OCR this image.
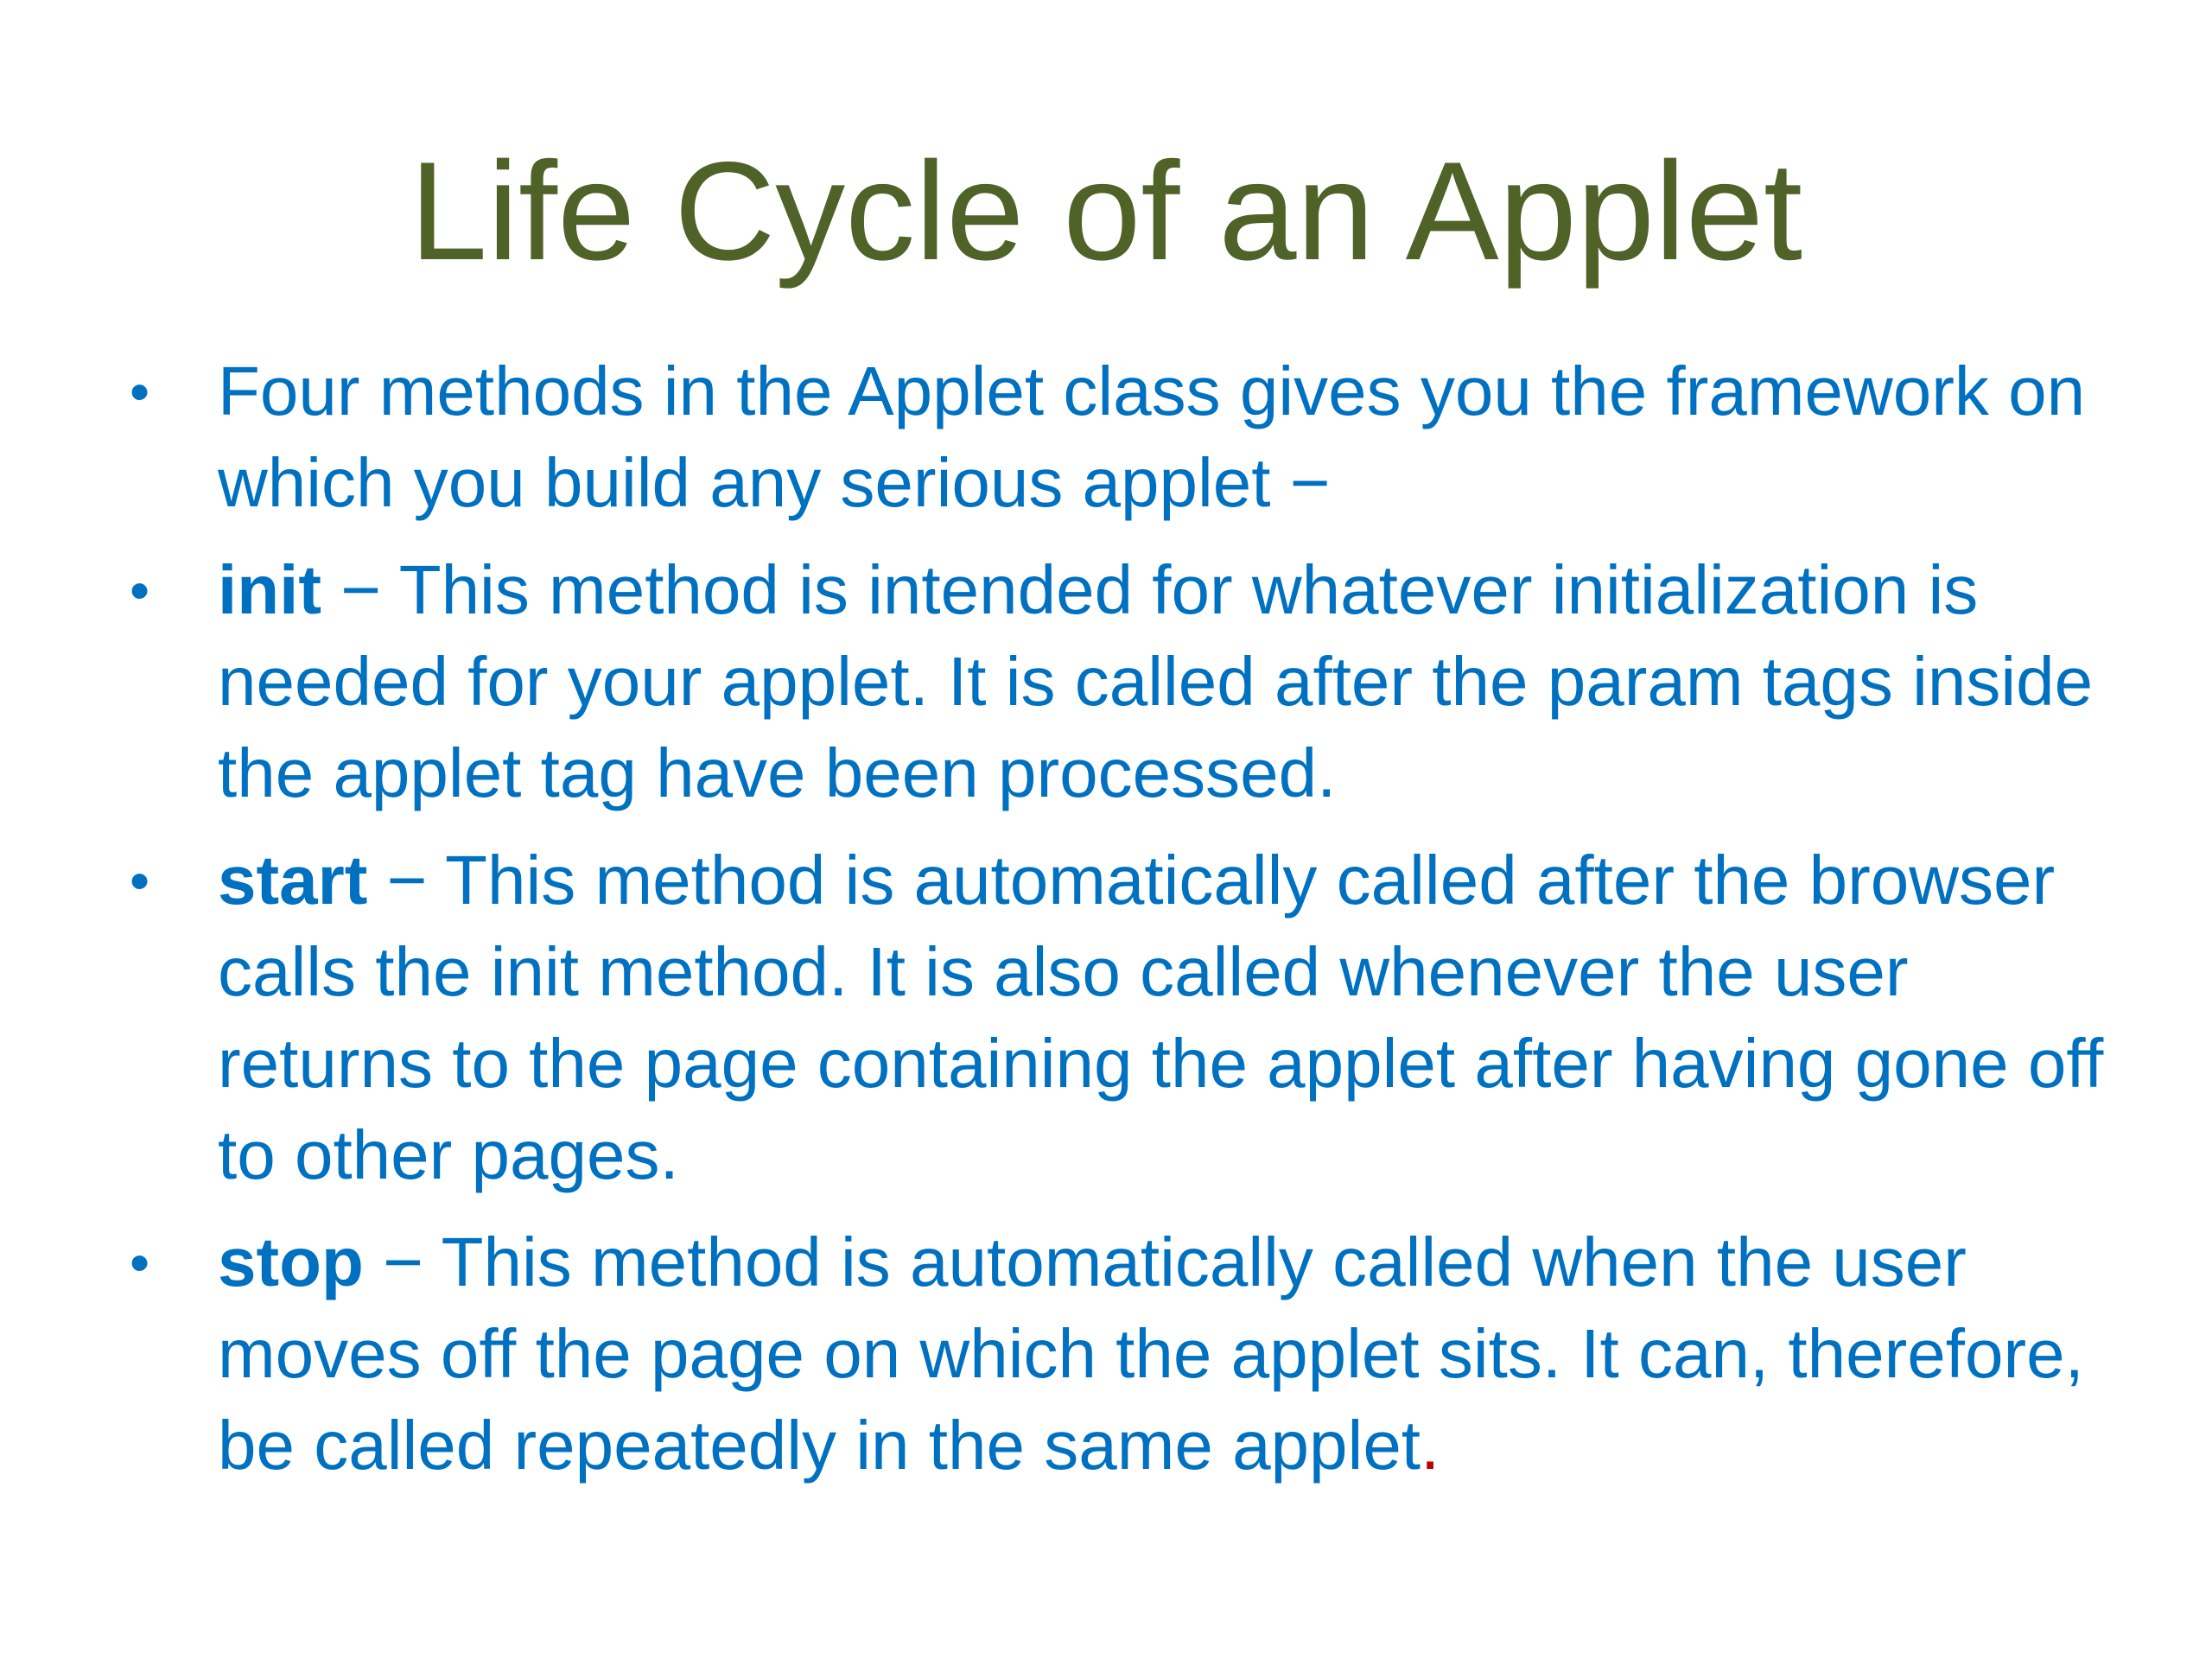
Life Cycle of an Applet
• Four methods in the Applet class gives you the framework on which you build any serious applet −
• init − This method is intended for whatever initialization is needed for your applet. It is called after the param tags inside the applet tag have been processed.
• start − This method is automatically called after the browser calls the init method. It is also called whenever the user returns to the page containing the applet after having gone off to other pages.
• stop − This method is automatically called when the user moves off the page on which the applet sits. It can, therefore, be called repeatedly in the same applet.
